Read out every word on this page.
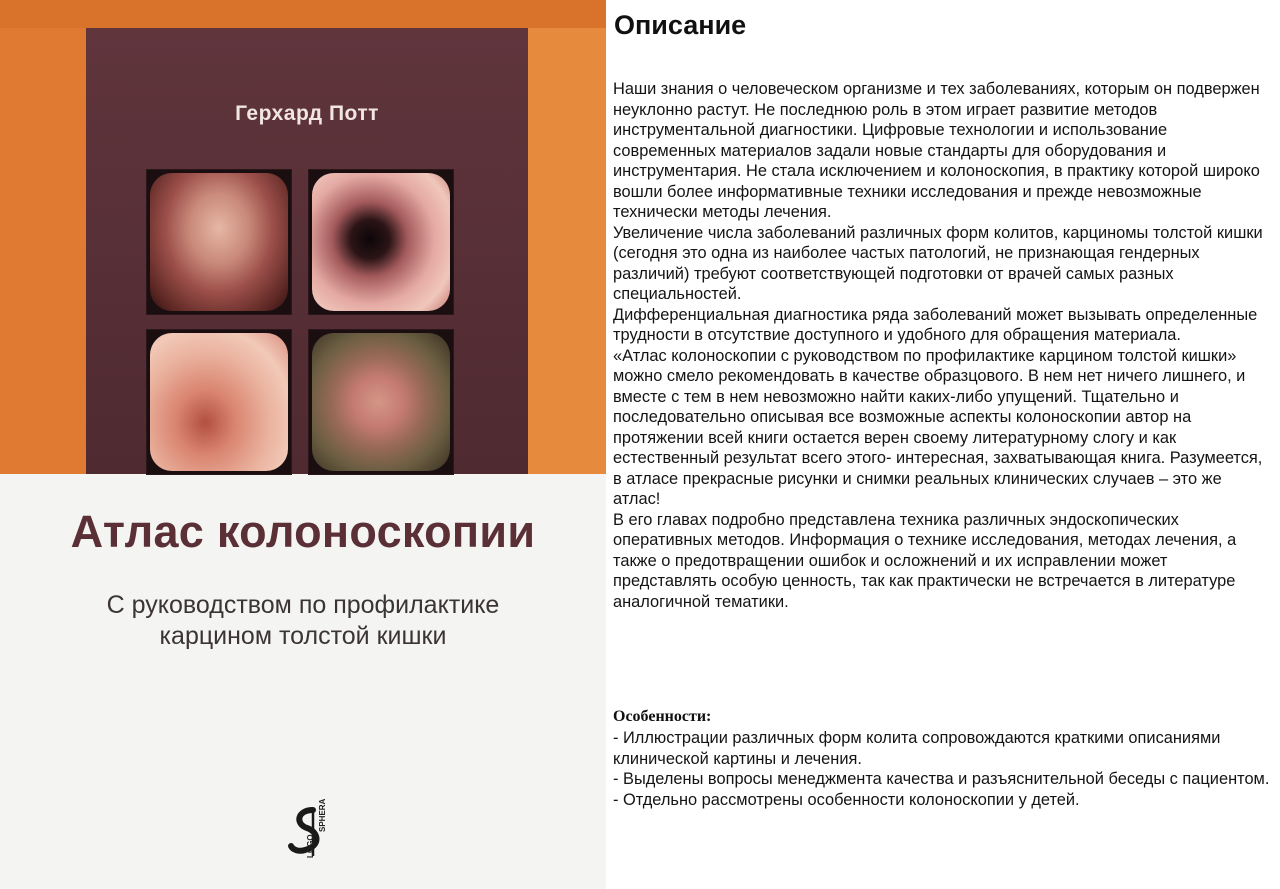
Герхард Потт
Атлас колоноскопии
С руководством по профилактике
карцином толстой кишки
SPHERA
LOGO
Описание

Наши знания о человеческом организме и тех заболеваниях, которым он подвержен неуклонно растут. Не последнюю роль в этом играет развитие методов инструментальной диагностики. Цифровые технологии и использование современных материалов задали новые стандарты для оборудования и инструментария. Не стала исключением и колоноскопия, в практику которой широко вошли более информативные техники исследования и прежде невозможные технически методы лечения.

Увеличение числа заболеваний различных форм колитов, карциномы толстой кишки (сегодня это одна из наиболее частых патологий, не признающая гендерных различий) требуют соответствующей подготовки от врачей самых разных специальностей.

Дифференциальная диагностика ряда заболеваний может вызывать определенные трудности в отсутствие доступного и удобного для обращения материала.

«Атлас колоноскопии с руководством по профилактике карцином толстой кишки» можно смело рекомендовать в качестве образцового. В нем нет ничего лишнего, и вместе с тем в нем невозможно найти каких-либо упущений. Тщательно и последовательно описывая все возможные аспекты колоноскопии автор на протяжении всей книги остается верен своему литературному слогу и как естественный результат всего этого- интересная, захватывающая книга. Разумеется, в атласе прекрасные рисунки и снимки реальных клинических случаев – это же атлас!

В его главах подробно представлена техника различных эндоскопических оперативных методов. Информация о технике исследования, методах лечения, а также о предотвращении ошибок и осложнений и их исправлении может представлять особую ценность, так как практически не встречается в литературе аналогичной тематики.

Особенности:

- Иллюстрации различных форм колита сопровождаются краткими описаниями клинической картины и лечения.

- Выделены вопросы менеджмента качества и разъяснительной беседы с пациентом.

- Отдельно рассмотрены особенности колоноскопии у детей.
